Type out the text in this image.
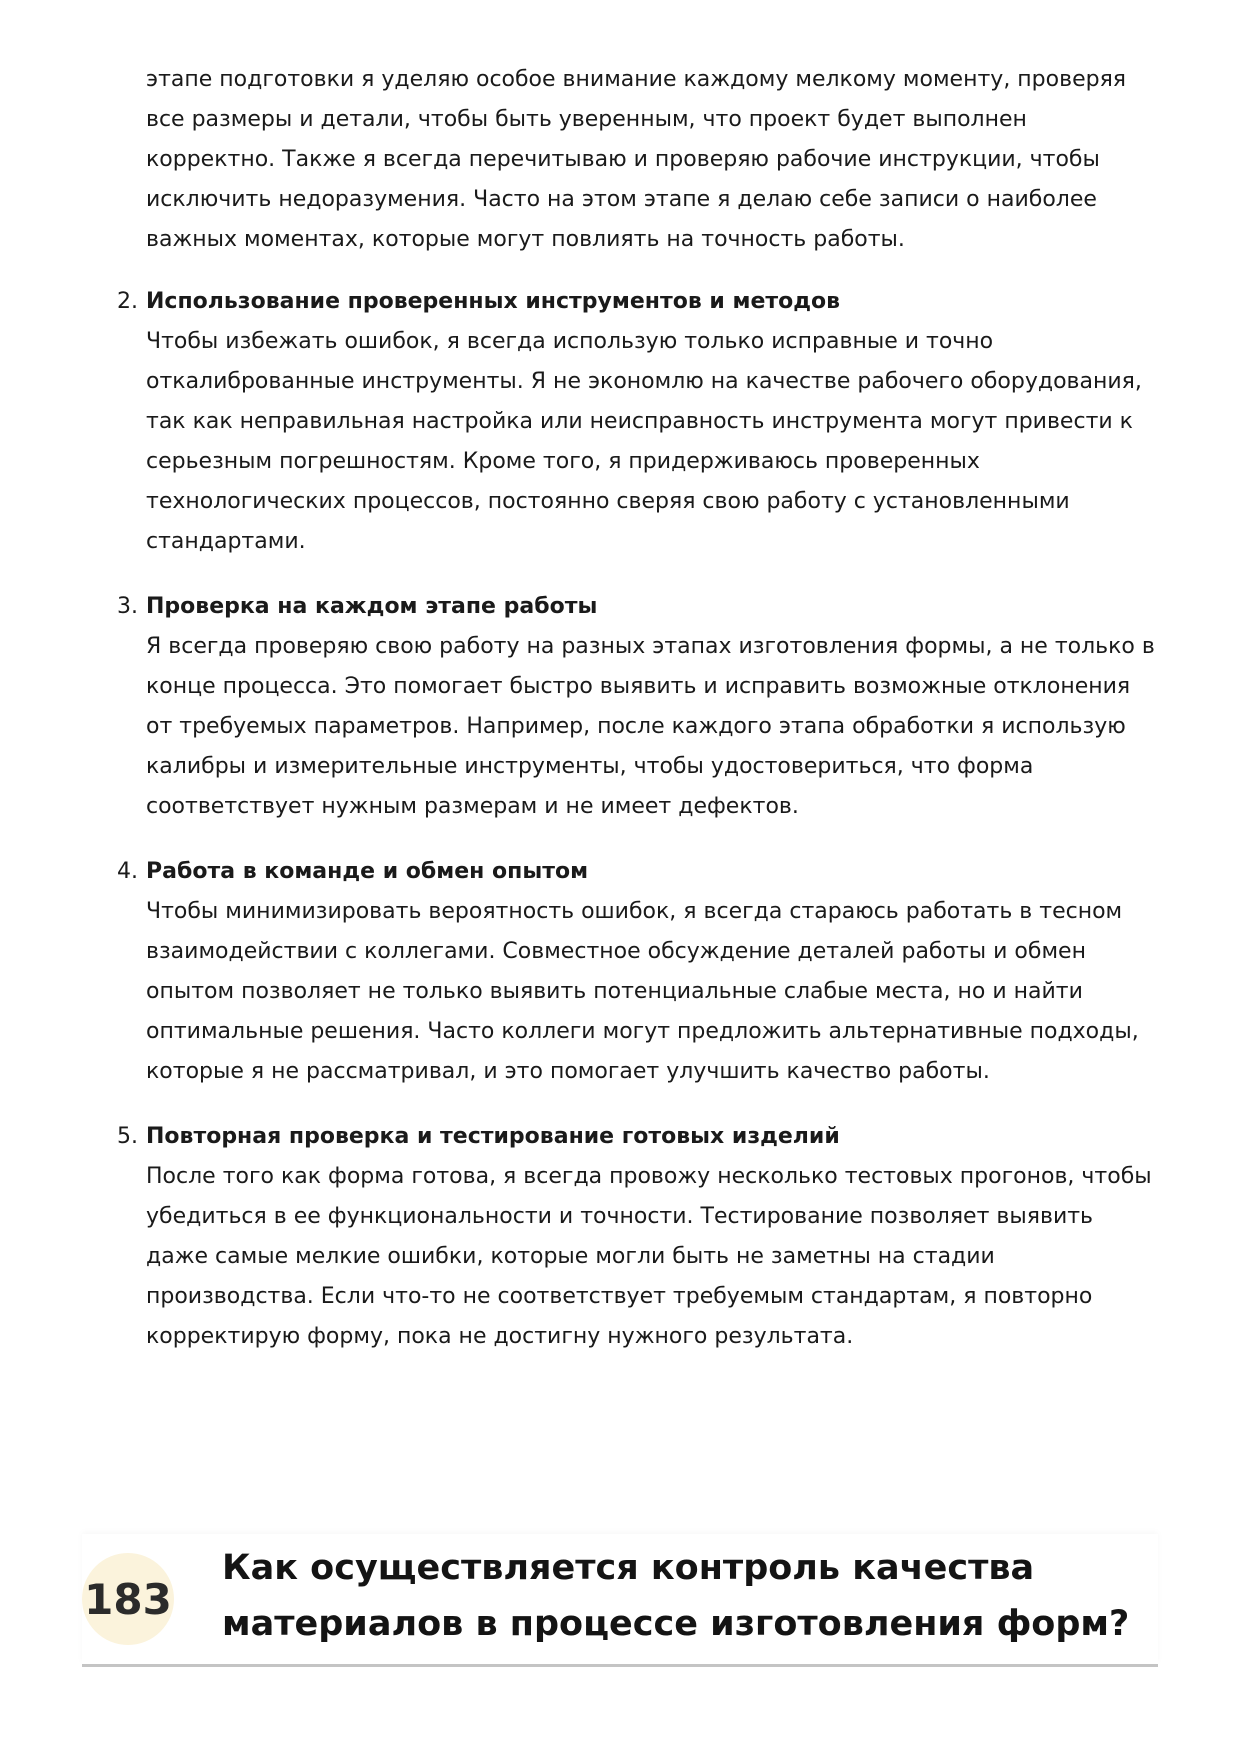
этапе подготовки я уделяю особое внимание каждому мелкому моменту, проверяя все размеры и детали, чтобы быть уверенным, что проект будет выполнен корректно. Также я всегда перечитываю и проверяю рабочие инструкции, чтобы исключить недоразумения. Часто на этом этапе я делаю себе записи о наиболее важных моментах, которые могут повлиять на точность работы.

2. Использование проверенных инструментов и методов
Чтобы избежать ошибок, я всегда использую только исправные и точно откалиброванные инструменты. Я не экономлю на качестве рабочего оборудования, так как неправильная настройка или неисправность инструмента могут привести к серьезным погрешностям. Кроме того, я придерживаюсь проверенных технологических процессов, постоянно сверяя свою работу с установленными стандартами.
3. Проверка на каждом этапе работы
Я всегда проверяю свою работу на разных этапах изготовления формы, а не только в конце процесса. Это помогает быстро выявить и исправить возможные отклонения от требуемых параметров. Например, после каждого этапа обработки я использую калибры и измерительные инструменты, чтобы удостовериться, что форма соответствует нужным размерам и не имеет дефектов.
4. Работа в команде и обмен опытом
Чтобы минимизировать вероятность ошибок, я всегда стараюсь работать в тесном взаимодействии с коллегами. Совместное обсуждение деталей работы и обмен опытом позволяет не только выявить потенциальные слабые места, но и найти оптимальные решения. Часто коллеги могут предложить альтернативные подходы, которые я не рассматривал, и это помогает улучшить качество работы.
5. Повторная проверка и тестирование готовых изделий
После того как форма готова, я всегда провожу несколько тестовых прогонов, чтобы убедиться в ее функциональности и точности. Тестирование позволяет выявить даже самые мелкие ошибки, которые могли быть не заметны на стадии производства. Если что-то не соответствует требуемым стандартам, я повторно корректирую форму, пока не достигну нужного результата.
183
Как осуществляется контроль качества материалов в процессе изготовления форм?
